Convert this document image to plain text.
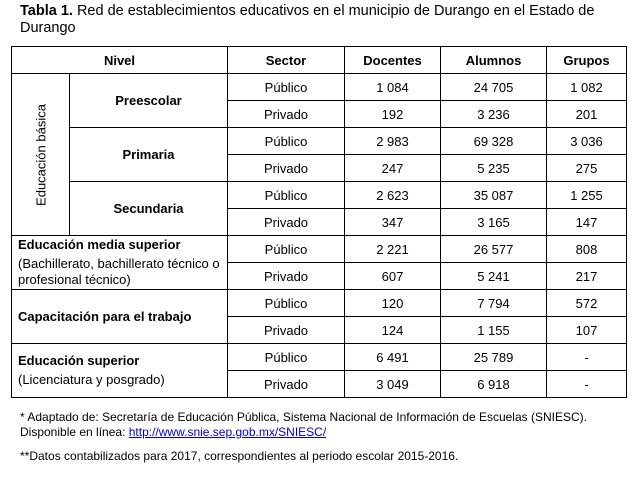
Tabla 1. Red de establecimientos educativos en el municipio de Durango en el Estado de Durango
Nivel		Sector	Docentes	Alumnos	Grupos

Educación básica	Preescolar	Público	1 084	24 705	1 082
		Privado	192	3 236	201
	Primaria	Público	2 983	69 328	3 036
		Privado	247	5 235	275
	Secundaria	Público	2 623	35 087	1 255
		Privado	347	3 165	147

Educación media superior
(Bachillerato, bachillerato técnico o profesional técnico)		Público	2 221	26 577	808
		Privado	607	5 241	217

Capacitación para el trabajo		Público	120	7 794	572
		Privado	124	1 155	107

Educación superior
(Licenciatura y posgrado)		Público	6 491	25 789	-
		Privado	3 049	6 918	-
* Adaptado de: Secretaría de Educación Pública, Sistema Nacional de Información de Escuelas (SNIESC).
Disponible en línea: http://www.snie.sep.gob.mx/SNIESC/
**Datos contabilizados para 2017, correspondientes al periodo escolar 2015-2016.
